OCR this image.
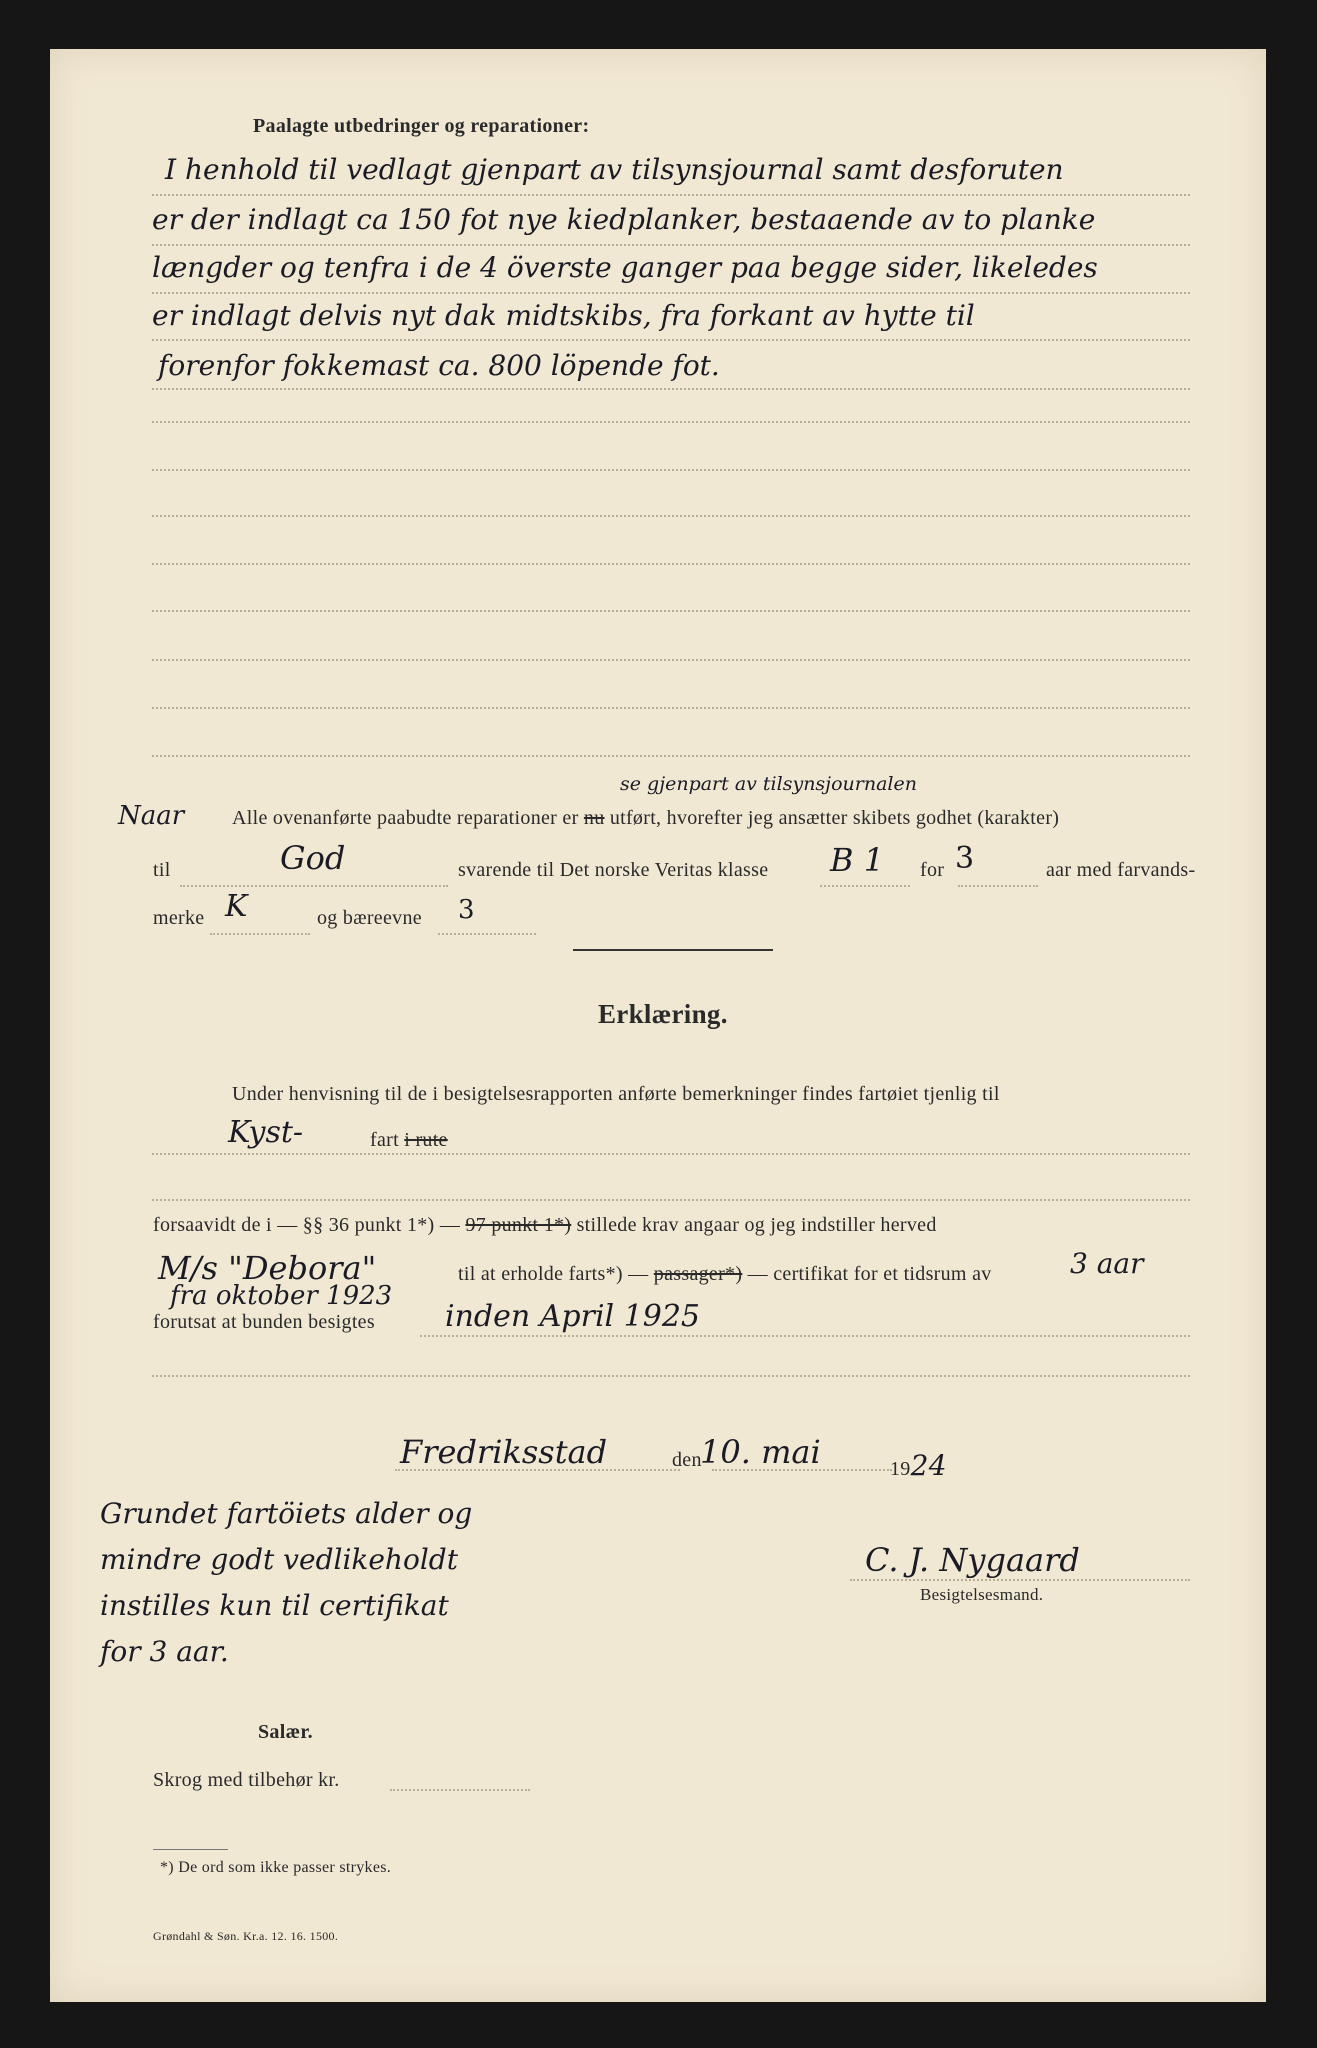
Paalagte utbedringer og reparationer:
I henhold til vedlagt gjenpart av tilsynsjournal samt desforuten
er der indlagt ca 150 fot nye kiedplanker, bestaaende av to planke
længder og tenfra i de 4 överste ganger paa begge sider, likeledes
er indlagt delvis nyt dak midtskibs, fra forkant av hytte til
forenfor fokkemast ca. 800 löpende fot.
Naar
se gjenpart av tilsynsjournalen
Alle ovenanførte paabudte reparationer er nu utført, hvorefter jeg ansætter skibets godhet (karakter)
til	God	svarende til Det norske Veritas klasse B 1 for 3	aar med farvands-
merke K	og bæreevne 3
Erklæring.
Under henvisning til de i besigtelsesrapporten anførte bemerkninger findes fartøiet tjenlig til
Kyst-	fart i rute
forsaavidt de i — §§ 36 punkt 1*) — 97 punkt 1*) stillede krav angaar og jeg indstiller herved
M/s "Debora"	til at erholde farts*) — passager*) — certifikat for et tidsrum av	3 aar
fra oktober 1923
forutsat at bunden besigtes inden April 1925
Fredriksstad	den
10. mai	1924
Grundet fartöiets alder og
mindre godt vedlikeholdt
instilles kun til certifikat
for 3 aar.
C. J. Nygaard
Besigtelsesmand.
Salær.
Skrog med tilbehør kr.
*) De ord som ikke passer strykes.
Grøndahl & Søn. Kr.a. 12. 16. 1500.
